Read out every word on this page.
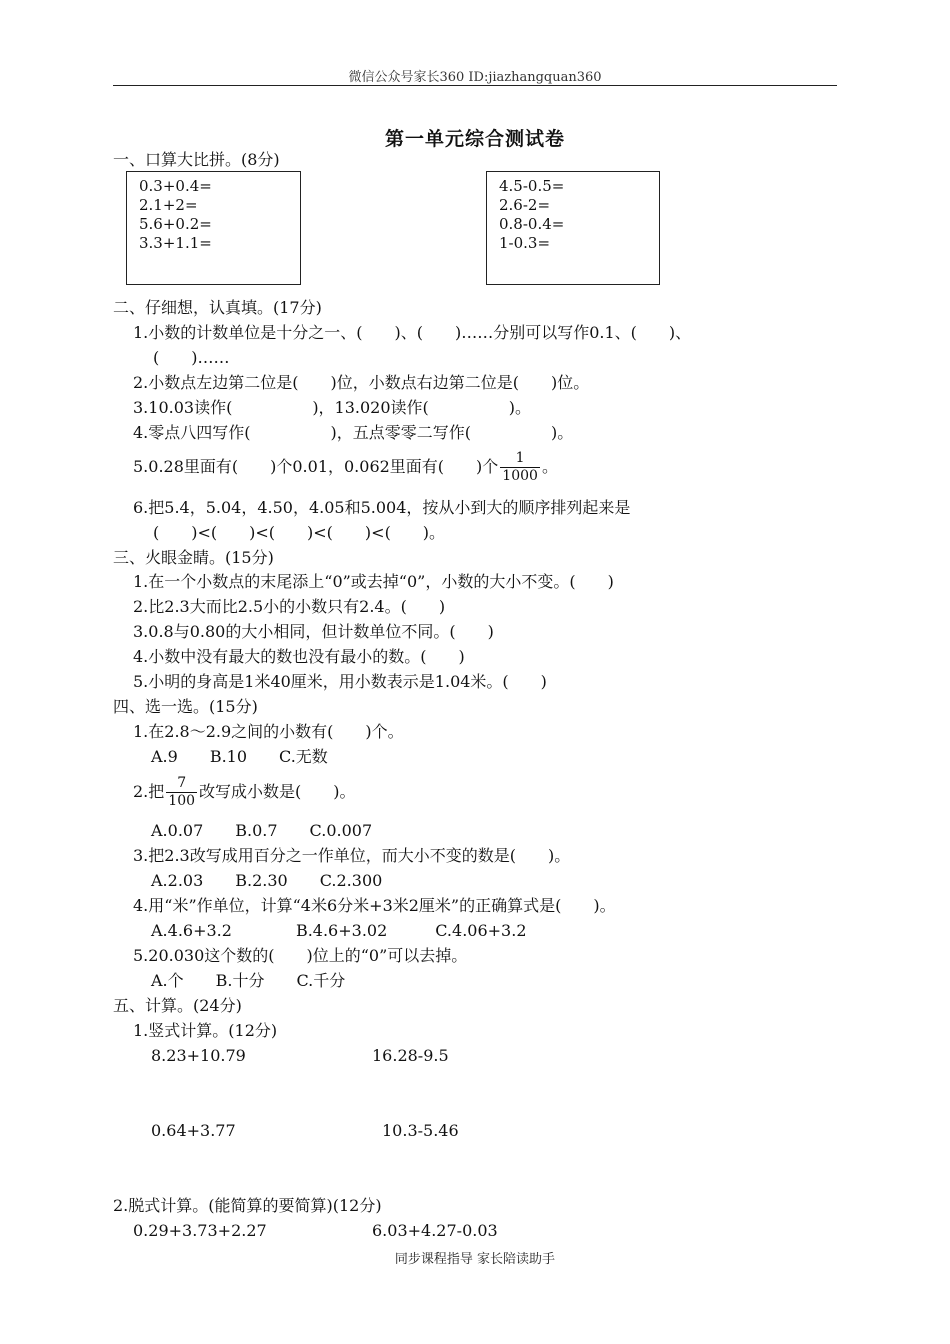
微信公众号家长360 ID:jiazhangquan360
第一单元综合测试卷
一、口算大比拼。(8分)
0.3+0.4=
2.1+2=
5.6+0.2=
3.3+1.1=
4.5-0.5=
2.6-2=
0.8-0.4=
1-0.3=
二、仔细想，认真填。(17分)
1.小数的计数单位是十分之一、(　　)、(　　)……分别可以写作0.1、(　　)、
(　　)……
2.小数点左边第二位是(　　)位，小数点右边第二位是(　　)位。
3.10.03读作(　　　　　)，13.020读作(　　　　　)。
4.零点八四写作(　　　　　)，五点零零二写作(　　　　　)。
5.0.28里面有(　　)个0.01，0.062里面有(　　)个 $\frac{1}{1000}$ 。
6.把5.4，5.04，4.50，4.05和5.004，按从小到大的顺序排列起来是
(　　)<(　　)<(　　)<(　　)<(　　)。
三、火眼金睛。(15分)
1.在一个小数点的末尾添上“0”或去掉“0”，小数的大小不变。(　　)
2.比2.3大而比2.5小的小数只有2.4。(　　)
3.0.8与0.80的大小相同，但计数单位不同。(　　)
4.小数中没有最大的数也没有最小的数。(　　)
5.小明的身高是1米40厘米，用小数表示是1.04米。(　　)
四、选一选。(15分)
1.在2.8～2.9之间的小数有(　　)个。
A.9　　B.10　　C.无数
2.把 $\frac{7}{100}$ 改写成小数是(　　)。
A.0.07　　B.0.7　　C.0.007
3.把2.3改写成用百分之一作单位，而大小不变的数是(　　)。
A.2.03　　B.2.30　　C.2.300
4.用“米”作单位，计算“4米6分米+3米2厘米”的正确算式是(　　)。
A.4.6+3.2　　　　B.4.6+3.02　　　C.4.06+3.2
5.20.030这个数的(　　)位上的“0”可以去掉。
A.个　　B.十分　　C.千分
五、计算。(24分)
1.竖式计算。(12分)
8.23+10.79	16.28-9.5
0.64+3.77	10.3-5.46
2.脱式计算。(能简算的要简算)(12分)
0.29+3.73+2.27	6.03+4.27-0.03
同步课程指导 家长陪读助手
